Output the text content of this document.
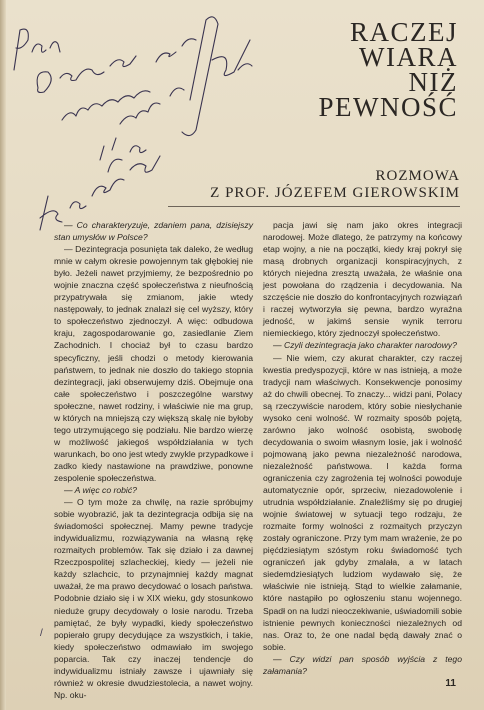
RACZEJ
WIARA
NIŻ
PEWNOŚĆ
ROZMOWA
Z PROF. JÓZEFEM GIEROWSKIM

— Co charakteryzuje, zdaniem pana, dzisiejszy stan umysłów w Polsce?

— Dezintegracja posunięta tak daleko, że według mnie w całym okresie powojennym tak głębokiej nie było. Jeżeli nawet przyjmiemy, że bezpośrednio po wojnie znaczna część społeczeństwa z nieufnością przypatrywała się zmianom, jakie wtedy następowały, to jednak znalazł się cel wyższy, który to społeczeństwo zjednoczył. A więc: odbudowa kraju, zagospodarowanie go, zasiedlanie Ziem Zachodnich. I chociaż był to czasu bardzo specyficzny, jeśli chodzi o metody kierowania państwem, to jednak nie doszło do takiego stopnia dezintegracji, jaki obserwujemy dziś. Obejmuje ona całe społeczeństwo i poszczególne warstwy społeczne, nawet rodziny, i właściwie nie ma grup, w których na mniejszą czy większą skalę nie byłoby tego utrzymującego się podziału. Nie bardzo wierzę w możliwość jakiegoś współdziałania w tych warunkach, bo ono jest wtedy zwykle przypadkowe i zadko kiedy nastawione na prawdziwe, ponowne zespolenie społeczeństwa.

— A więc co robić?

— O tym może za chwilę, na razie spróbujmy sobie wyobrazić, jak ta dezintegracja odbija się na świadomości społecznej. Mamy pewne tradycje indywidualizmu, rozwiązywania na własną rękę rozmaitych problemów. Tak się działo i za dawnej Rzeczpospolitej szlacheckiej, kiedy — jeżeli nie każdy szlachcic, to przynajmniej każdy magnat uważał, że ma prawo decydować o losach państwa. Podobnie działo się i w XIX wieku, gdy stosunkowo nieduże grupy decydowały o losie narodu. Trzeba pamiętać, że były wypadki, kiedy społeczeństwo popierało grupy decydujące za wszystkich, i takie, kiedy społeczeństwo odmawiało im swojego poparcia. Tak czy inaczej tendencje do indywidualizmu istniały zawsze i ujawniały się również w okresie dwudziestolecia, a nawet wojny. Np. oku-

pacja jawi się nam jako okres integracji narodowej. Może dlatego, że patrzymy na końcowy etap wojny, a nie na początki, kiedy kraj pokrył się masą drobnych organizacji konspiracyjnych, z których niejedna zresztą uważała, że właśnie ona jest powołana do rządzenia i decydowania. Na szczęście nie doszło do konfrontacyjnych rozwiązań i raczej wytworzyła się pewna, bardzo wyraźna jedność, w jakimś sensie wynik terroru niemieckiego, który zjednoczył społeczeństwo.

— Czyli dezintegracja jako charakter narodowy?

— Nie wiem, czy akurat charakter, czy raczej kwestia predyspozycji, które w nas istnieją, a może tradycji nam właściwych. Konsekwencje ponosimy aż do chwili obecnej. To znaczy... widzi pani, Polacy są rzeczywiście narodem, który sobie niesłychanie wysoko ceni wolność. W rozmaity sposób pojętą, zarówno jako wolność osobistą, swobodę decydowania o swoim własnym losie, jak i wolność pojmowaną jako pewna niezależność narodowa, niezależność państwowa. I każda forma ograniczenia czy zagrożenia tej wolności powoduje automatycznie opór, sprzeciw, niezadowolenie i utrudnia współdziałanie. Znaleźliśmy się po drugiej wojnie światowej w sytuacji tego rodzaju, że rozmaite formy wolności z rozmaitych przyczyn zostały ograniczone. Przy tym mam wrażenie, że po pięćdziesiątym szóstym roku świadomość tych ograniczeń jak gdyby zmalała, a w latach siedemdziesiątych ludziom wydawało się, że właściwie nie istnieją. Stąd to wielkie załamanie, które nastąpiło po ogłoszeniu stanu wojennego. Spadł on na ludzi nieoczekiwanie, uświadomili sobie istnienie pewnych konieczności niezależnych od nas. Oraz to, że one nadal będą dawały znać o sobie.

— Czy widzi pan sposób wyjścia z tego załamania?

/
11
